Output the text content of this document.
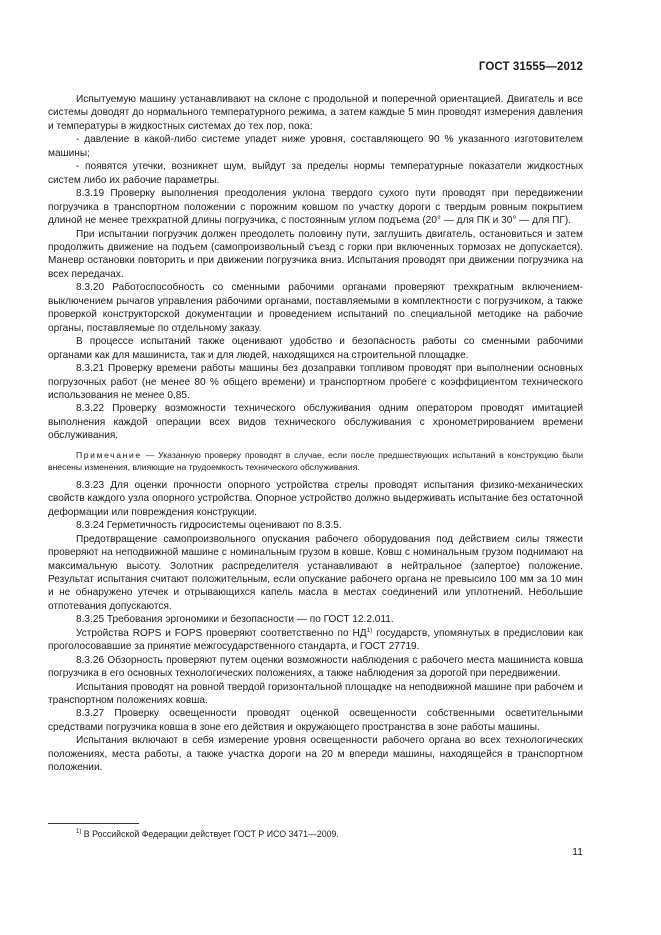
ГОСТ 31555—2012

Испытуемую машину устанавливают на склоне с продольной и поперечной ориентацией. Двигатель и все системы доводят до нормального температурного режима, а затем каждые 5 мин проводят измерения давления и температуры в жидкостных системах до тех пор, пока:

- давление в какой-либо системе упадет ниже уровня, составляющего 90 % указанного изготовителем машины;

- появятся утечки, возникнет шум, выйдут за пределы нормы температурные показатели жидкостных систем либо их рабочие параметры.

8.3.19 Проверку выполнения преодоления уклона твердого сухого пути проводят при передвижении погрузчика в транспортном положении с порожним ковшом по участку дороги с твердым ровным покрытием длиной не менее трехкратной длины погрузчика, с постоянным углом подъема (20° — для ПК и 30° — для ПГ).

При испытании погрузчик должен преодолеть половину пути, заглушить двигатель, остановиться и затем продолжить движение на подъем (самопроизвольный съезд с горки при включенных тормозах не допускается). Маневр остановки повторить и при движении погрузчика вниз. Испытания проводят при движении погрузчика на всех передачах.

8.3.20 Работоспособность со сменными рабочими органами проверяют трехкратным включением-выключением рычагов управления рабочими органами, поставляемыми в комплектности с погрузчиком, а также проверкой конструкторской документации и проведением испытаний по специальной методике на рабочие органы, поставляемые по отдельному заказу.

В процессе испытаний также оценивают удобство и безопасность работы со сменными рабочими органами как для машиниста, так и для людей, находящихся на строительной площадке.

8.3.21 Проверку времени работы машины без дозаправки топливом проводят при выполнении основных погрузочных работ (не менее 80 % общего времени) и транспортном пробеге с коэффициентом технического использования не менее 0,85.

8.3.22 Проверку возможности технического обслуживания одним оператором проводят имитацией выполнения каждой операции всех видов технического обслуживания с хронометрированием времени обслуживания.

Примечание — Указанную проверку проводят в случае, если после предшествующих испытаний в конструкцию были внесены изменения, влияющие на трудоемкость технического обслуживания.

8.3.23 Для оценки прочности опорного устройства стрелы проводят испытания физико-механических свойств каждого узла опорного устройства. Опорное устройство должно выдерживать испытание без остаточной деформации или повреждения конструкции.

8.3.24 Герметичность гидросистемы оценивают по 8.3.5.

Предотвращение самопроизвольного опускания рабочего оборудования под действием силы тяжести проверяют на неподвижной машине с номинальным грузом в ковше. Ковш с номинальным грузом поднимают на максимальную высоту. Золотник распределителя устанавливают в нейтральное (запертое) положение. Результат испытания считают положительным, если опускание рабочего органа не превысило 100 мм за 10 мин и не обнаружено утечек и отрывающихся капель масла в местах соединений или уплотнений. Небольшие отпотевания допускаются.

8.3.25 Требования эргономики и безопасности — по ГОСТ 12.2.011.

Устройства ROPS и FOPS проверяют соответственно по НД$^{1)}$ государств, упомянутых в предисловии как проголосовавшие за принятие межгосударственного стандарта, и ГОСТ 27719.

8.3.26 Обзорность проверяют путем оценки возможности наблюдения с рабочего места машиниста ковша погрузчика в его основных технологических положениях, а также наблюдения за дорогой при передвижении.

Испытания проводят на ровной твердой горизонтальной площадке на неподвижной машине при рабочем и транспортном положениях ковша.

8.3.27 Проверку освещенности проводят оценкой освещенности собственными осветительными средствами погрузчика ковша в зоне его действия и окружающего пространства в зоне работы машины.

Испытания включают в себя измерение уровня освещенности рабочего органа во всех технологических положениях, места работы, а также участка дороги на 20 м впереди машины, находящейся в транспортном положении.

$^{1)}$ В Российской Федерации действует ГОСТ Р ИСО 3471—2009.
11
